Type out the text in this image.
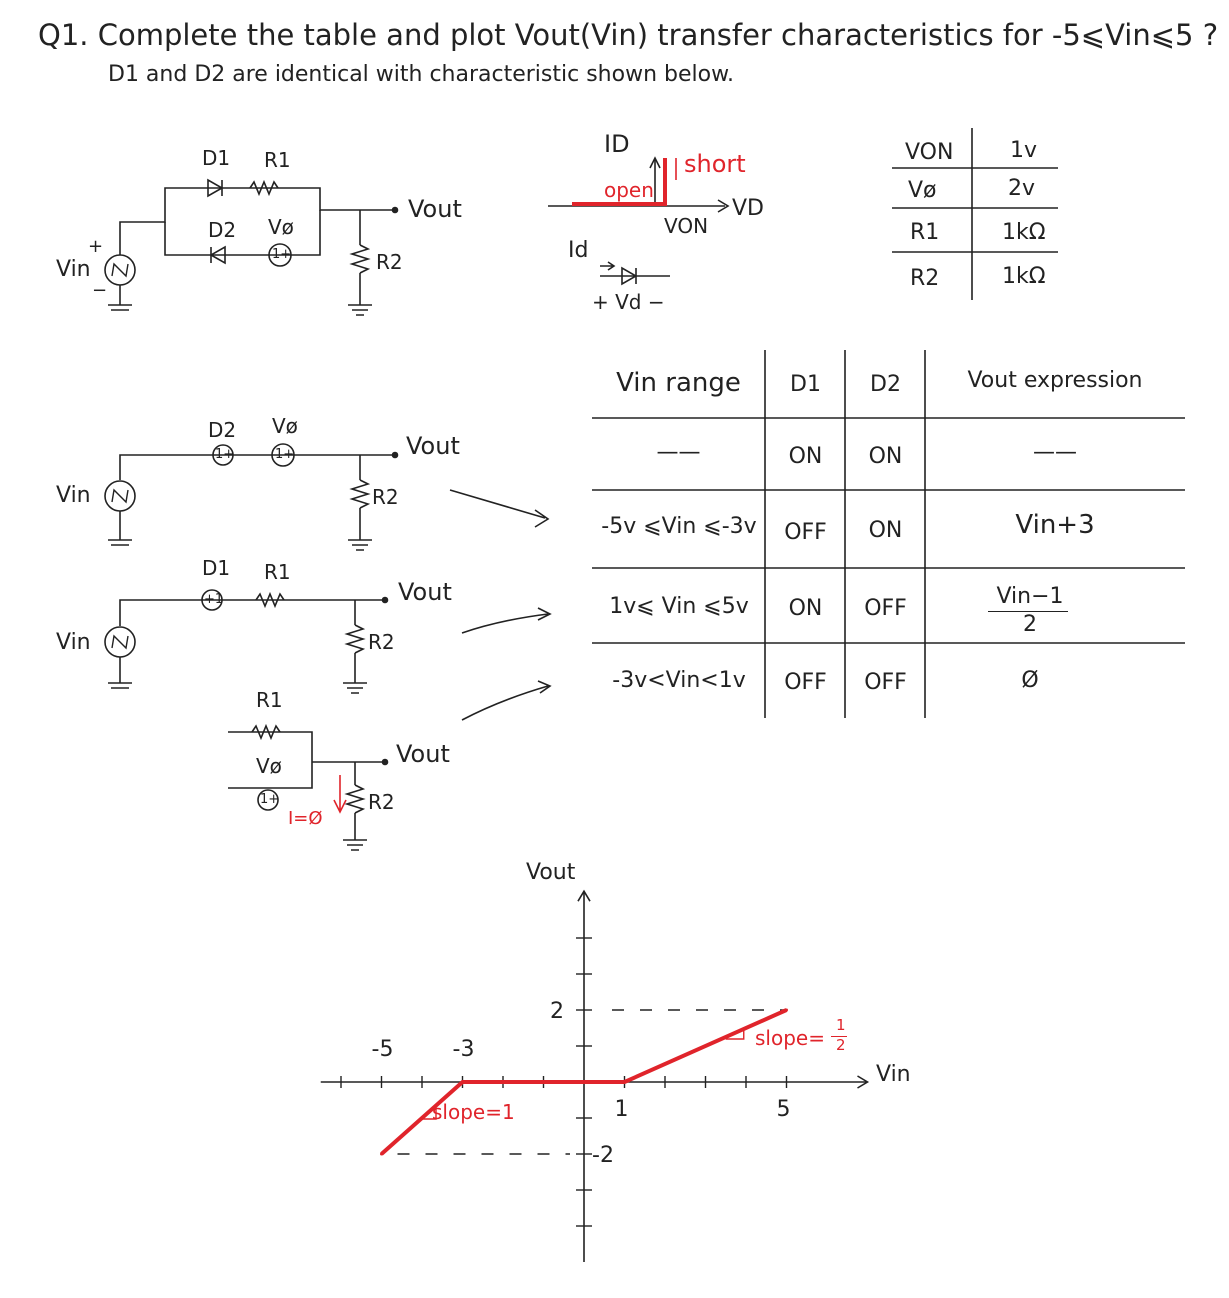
Q1. Complete the table and plot Vout(Vin) transfer characteristics for -5⩽Vin⩽5 ?
D1 and D2 are identical with characteristic shown below.
-5	-3
1	5
2
-2
D1 R1
D2 Vø
1+
Vout
R2
Vin
+
−
ID
open
short
VD
VON
Id
+ Vd −
VON	1v
Vø	2v
R1	1kΩ
R2	1kΩ
Vin range	D1	D2	Vout expression
——	ON	ON	——
-5v ⩽Vin ⩽-3v	OFF	ON	Vin+3
1v⩽ Vin ⩽5v	ON	OFF	Vin−1
2
-3v<Vin<1v	OFF	OFF	Ø
D2 Vø
1+	1+	Vout
R2
Vin
D1 R1
+1	Vout
R2
Vin
R1
Vø
1+
Vout
R2
I=Ø
Vout
Vin
slope=1
slope=
1
2
